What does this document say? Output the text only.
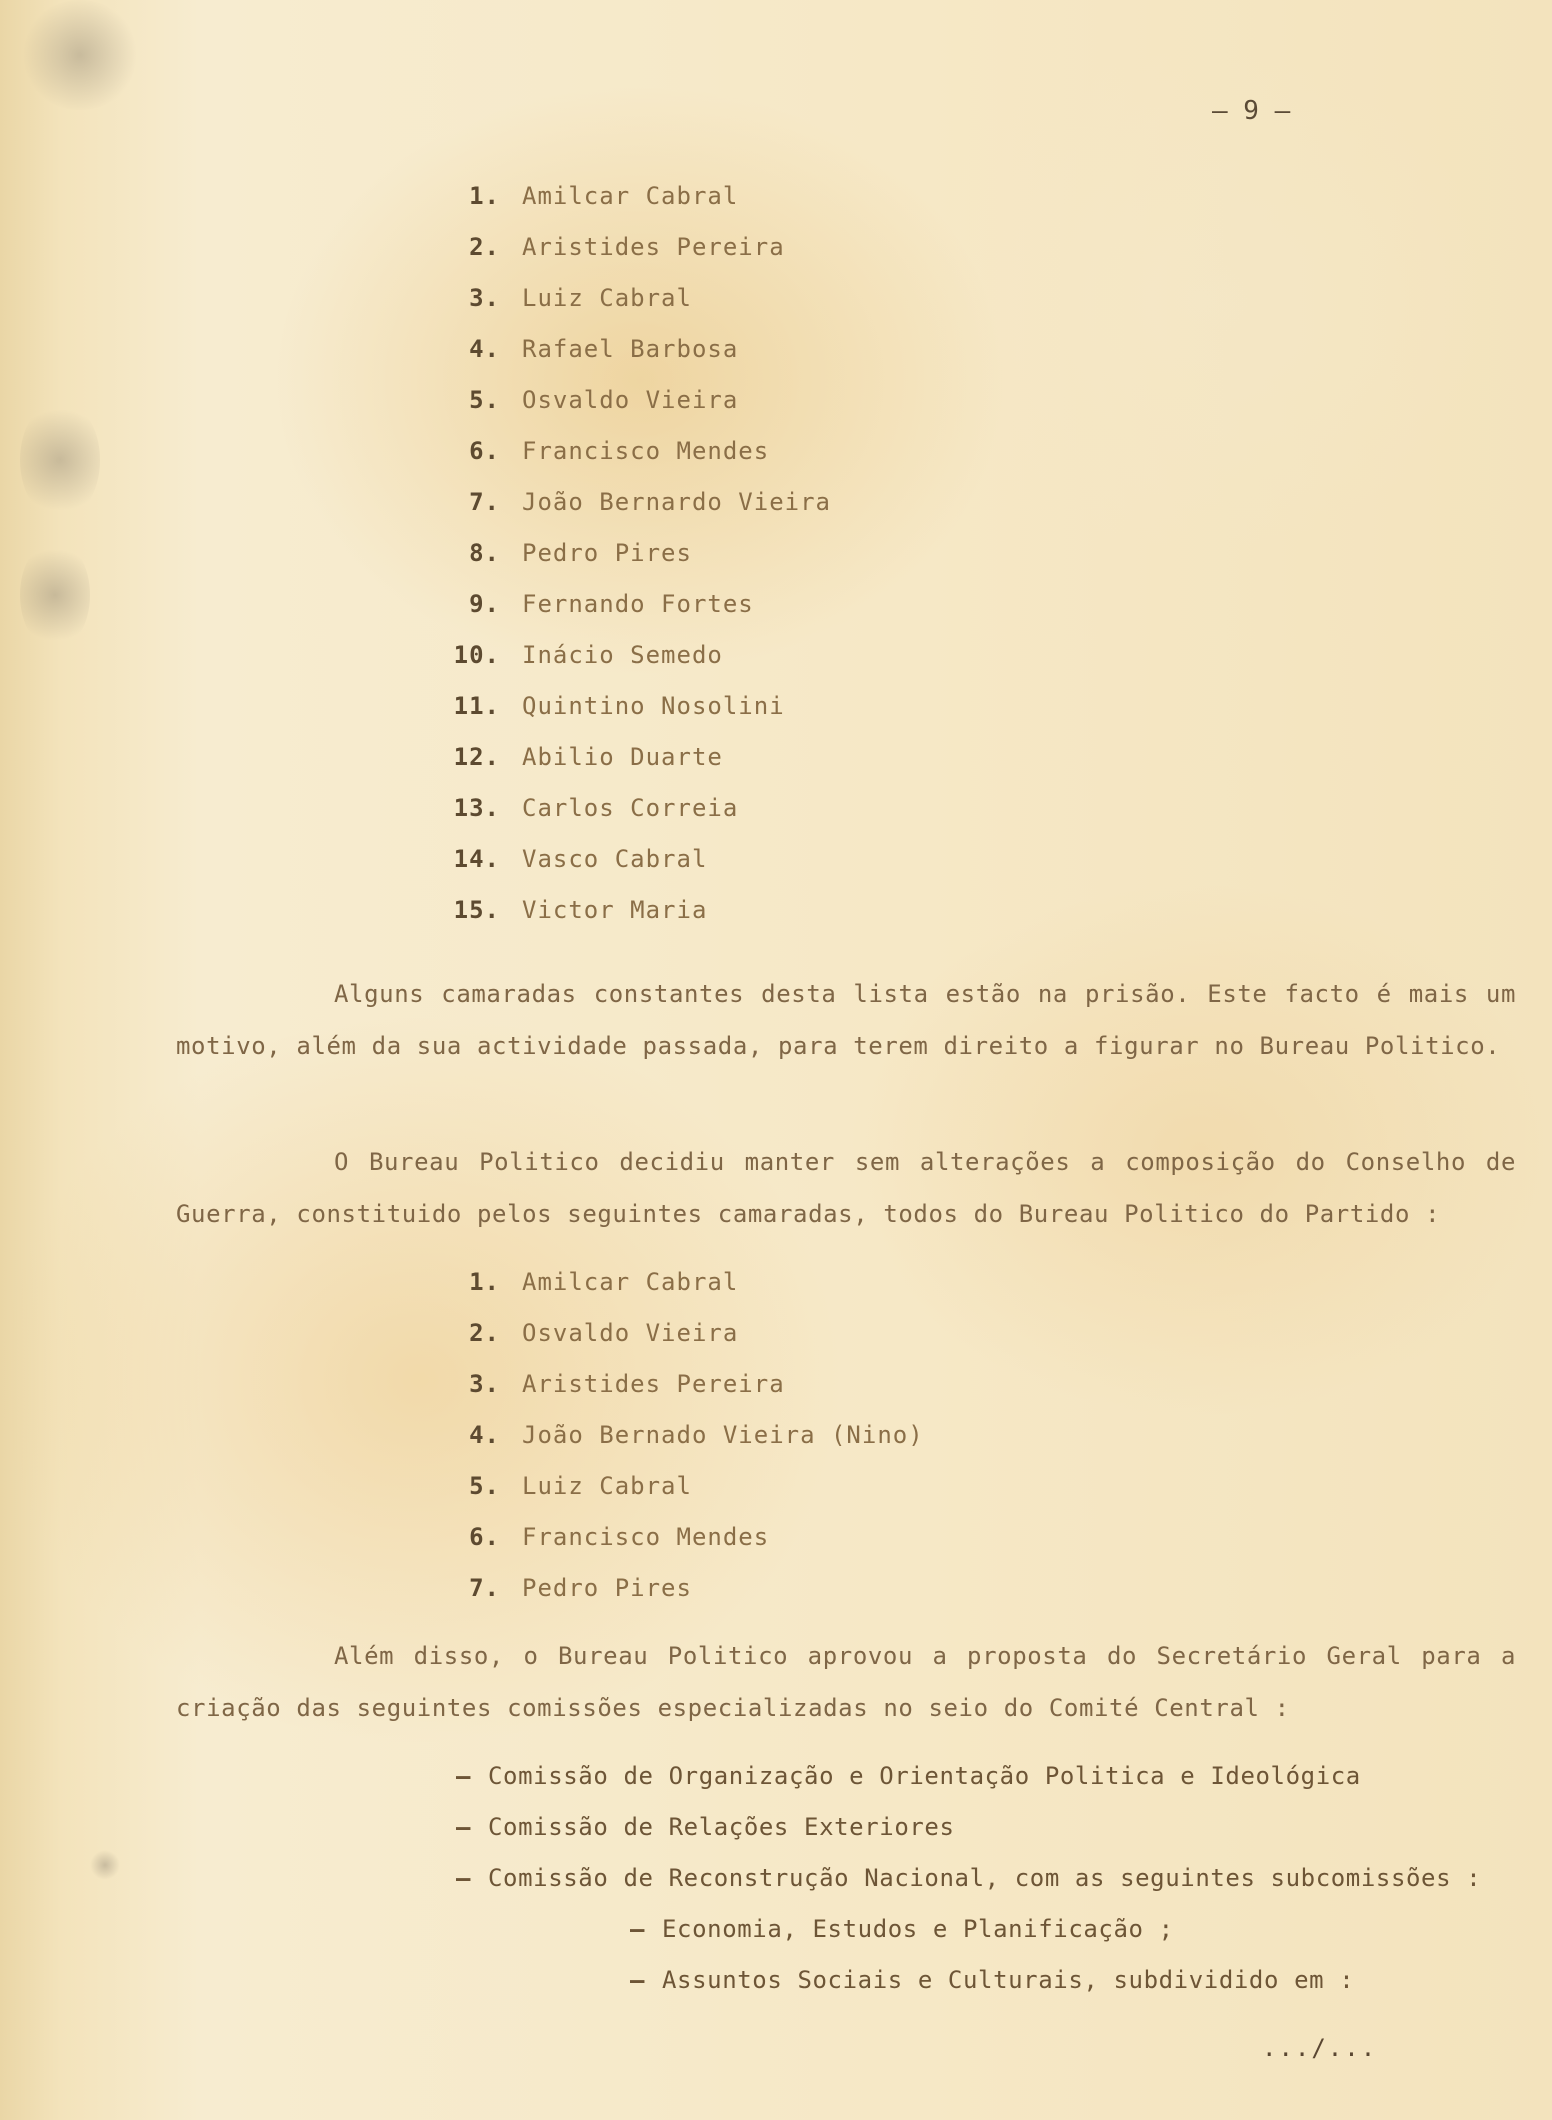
– 9 –
1. Amilcar Cabral
2. Aristides Pereira
3. Luiz Cabral
4. Rafael Barbosa
5. Osvaldo Vieira
6. Francisco Mendes
7. João Bernardo Vieira
8. Pedro Pires
9. Fernando Fortes
10. Inácio Semedo
11. Quintino Nosolini
12. Abilio Duarte
13. Carlos Correia
14. Vasco Cabral
15. Victor Maria

Alguns camaradas constantes desta lista estão na prisão. Este facto é mais um motivo, além da sua actividade passada, para terem direito a figurar no Bureau Politico.

O Bureau Politico decidiu manter sem alterações a composição do Conselho de Guerra, constituido pelos seguintes camaradas, todos do Bureau Politico do Partido :

1. Amilcar Cabral
2. Osvaldo Vieira
3. Aristides Pereira
4. João Bernado Vieira (Nino)
5. Luiz Cabral
6. Francisco Mendes
7. Pedro Pires

Além disso, o Bureau Politico aprovou a proposta do Secretário Geral para a criação das seguintes comissões especializadas no seio do Comité Central :

– Comissão de Organização e Orientação Politica e Ideológica
– Comissão de Relações Exteriores
– Comissão de Reconstrução Nacional, com as seguintes subcomissões :
– Economia, Estudos e Planificação ;
– Assuntos Sociais e Culturais, subdividido em :
.../...
